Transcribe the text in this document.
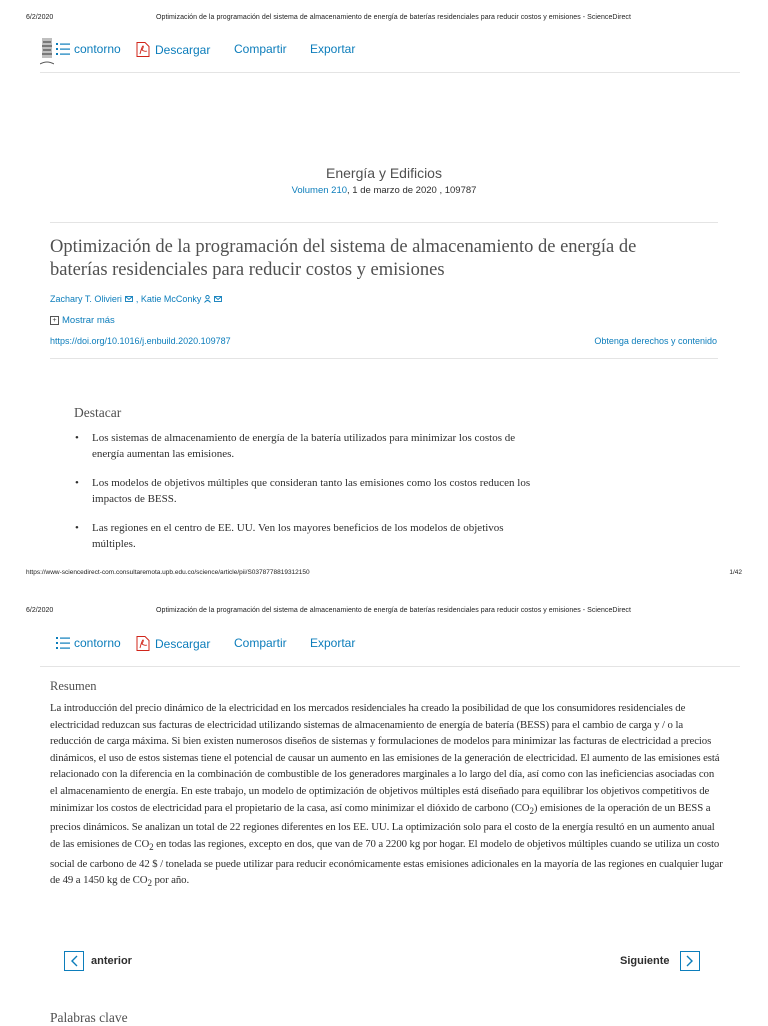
6/2/2020	Optimización de la programación del sistema de almacenamiento de energía de baterías residenciales para reducir costos y emisiones - ScienceDirect
contorno	Descargar Compartir Exportar
Energía y Edificios
Volumen 210, 1 de marzo de 2020 , 109787
Optimización de la programación del sistema de almacenamiento de energía de baterías residenciales para reducir costos y emisiones
Zachary T. Olivieri ,
Katie McConky
+ Mostrar más
https://doi.org/10.1016/j.enbuild.2020.109787	Obtenga derechos y contenido
Destacar
• Los sistemas de almacenamiento de energía de la batería utilizados para minimizar los costos de energía aumentan las emisiones.
• Los modelos de objetivos múltiples que consideran tanto las emisiones como los costos reducen los impactos de BESS.
• Las regiones en el centro de EE. UU. Ven los mayores beneficios de los modelos de objetivos múltiples.
https://www-sciencedirect-com.consultaremota.upb.edu.co/science/article/pii/S0378778819312150	1/42
6/2/2020	Optimización de la programación del sistema de almacenamiento de energía de baterías residenciales para reducir costos y emisiones - ScienceDirect
contorno	Descargar Compartir Exportar
Resumen

La introducción del precio dinámico de la electricidad en los mercados residenciales ha creado la posibilidad de que los consumidores residenciales de electricidad reduzcan sus facturas de electricidad utilizando sistemas de almacenamiento de energía de batería (BESS) para el cambio de carga y / o la reducción de carga máxima. Si bien existen numerosos diseños de sistemas y formulaciones de modelos para minimizar las facturas de electricidad a precios dinámicos, el uso de estos sistemas tiene el potencial de causar un aumento en las emisiones de la generación de electricidad. El aumento de las emisiones está relacionado con la diferencia en la combinación de combustible de los generadores marginales a lo largo del día, así como con las ineficiencias asociadas con el almacenamiento de energía. En este trabajo, un modelo de optimización de objetivos múltiples está diseñado para equilibrar los objetivos competitivos de minimizar los costos de electricidad para el propietario de la casa, así como minimizar el dióxido de carbono $(CO_2)$ emisiones de la operación de un BESS a precios dinámicos. Se analizan un total de 22 regiones diferentes en los EE. UU. La optimización solo para el costo de la energía resultó en un aumento anual de las emisiones de $CO_2$ en todas las regiones, excepto en dos, que van de 70 a 2200 kg por hogar. El modelo de objetivos múltiples cuando se utiliza un costo social de carbono de 42 $ / tonelada se puede utilizar para reducir económicamente estas emisiones adicionales en la mayoría de las regiones en cualquier lugar de 49 a 1450 kg de $CO_2$ por año.

anterior	Siguiente
Palabras clave
